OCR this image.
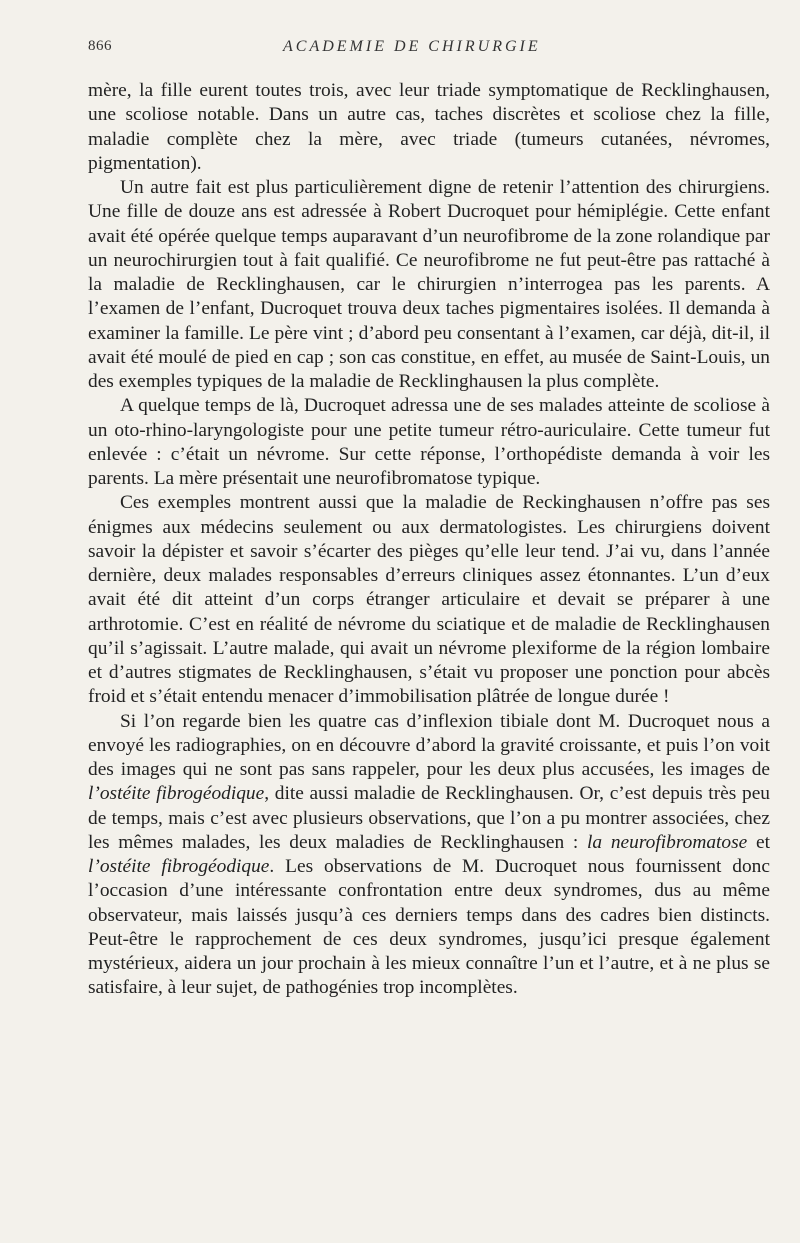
866	ACADEMIE DE CHIRURGIE

mère, la fille eurent toutes trois, avec leur triade symptomatique de Recklinghausen, une scoliose notable. Dans un autre cas, taches discrètes et scoliose chez la fille, maladie complète chez la mère, avec triade (tumeurs cutanées, névromes, pigmentation).

Un autre fait est plus particulièrement digne de retenir l’attention des chirurgiens. Une fille de douze ans est adressée à Robert Ducroquet pour hémiplégie. Cette enfant avait été opérée quelque temps auparavant d’un neurofibrome de la zone rolandique par un neurochirurgien tout à fait qualifié. Ce neurofibrome ne fut peut-être pas rattaché à la maladie de Recklinghausen, car le chirurgien n’interrogea pas les parents. A l’examen de l’enfant, Ducroquet trouva deux taches pigmentaires isolées. Il demanda à examiner la famille. Le père vint ; d’abord peu consentant à l’examen, car déjà, dit-il, il avait été moulé de pied en cap ; son cas constitue, en effet, au musée de Saint-Louis, un des exemples typiques de la maladie de Recklinghausen la plus complète.

A quelque temps de là, Ducroquet adressa une de ses malades atteinte de scoliose à un oto-rhino-laryngologiste pour une petite tumeur rétro-auriculaire. Cette tumeur fut enlevée : c’était un névrome. Sur cette réponse, l’orthopédiste demanda à voir les parents. La mère présentait une neurofibromatose typique.

Ces exemples montrent aussi que la maladie de Reckinghausen n’offre pas ses énigmes aux médecins seulement ou aux dermatologistes. Les chirurgiens doivent savoir la dépister et savoir s’écarter des pièges qu’elle leur tend. J’ai vu, dans l’année dernière, deux malades responsables d’erreurs cliniques assez étonnantes. L’un d’eux avait été dit atteint d’un corps étranger articulaire et devait se préparer à une arthrotomie. C’est en réalité de névrome du sciatique et de maladie de Recklinghausen qu’il s’agissait. L’autre malade, qui avait un névrome plexiforme de la région lombaire et d’autres stigmates de Recklinghausen, s’était vu proposer une ponction pour abcès froid et s’était entendu menacer d’immobilisation plâtrée de longue durée !

Si l’on regarde bien les quatre cas d’inflexion tibiale dont M. Ducroquet nous a envoyé les radiographies, on en découvre d’abord la gravité croissante, et puis l’on voit des images qui ne sont pas sans rappeler, pour les deux plus accusées, les images de l’ostéite fibrogéodique, dite aussi maladie de Recklinghausen. Or, c’est depuis très peu de temps, mais c’est avec plusieurs observations, que l’on a pu montrer associées, chez les mêmes malades, les deux maladies de Recklinghausen : la neurofibromatose et l’ostéite fibrogéodique. Les observations de M. Ducroquet nous fournissent donc l’occasion d’une intéressante confrontation entre deux syndromes, dus au même observateur, mais laissés jusqu’à ces derniers temps dans des cadres bien distincts. Peut-être le rapprochement de ces deux syndromes, jusqu’ici presque également mystérieux, aidera un jour prochain à les mieux connaître l’un et l’autre, et à ne plus se satisfaire, à leur sujet, de pathogénies trop incomplètes.
